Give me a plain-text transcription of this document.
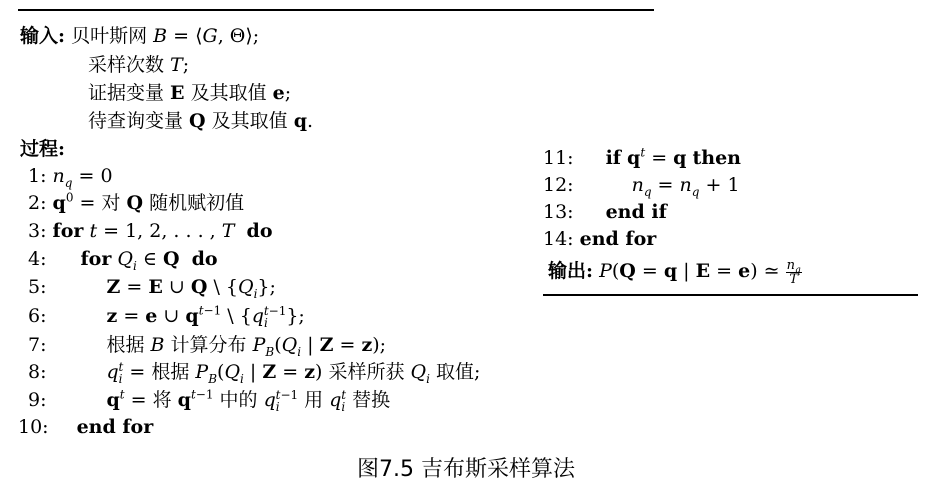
输入: 贝叶斯网 B = ⟨G, Θ⟩;
采样次数 T;
证据变量 E 及其取值 e;
待查询变量 Q 及其取值 q.
过程:
1: $n_q = 0$
2: $q^0$ = 对 Q 随机赋初值
3: for t = 1, 2, . . . , T do
4: for $Q_i$ ∈ Q do
5:	Z = E ∪ Q \ $\{Q_i\}$;
6:	z = e ∪ $q^{t-1}$ \ $\{q_i^{t-1}\}$;
7:	根据 B 计算分布 $P_B(Q_i$ | Z = z);
8:	$q_i^t$ = 根据 $P_B(Q_i$ | Z = z) 采样所获 $Q_i$ 取值;
9:	$q^t$ = 将 $q^{t-1}$ 中的 $q_i^{t-1}$ 用 $q_i^t$ 替换
10: end for
11: if $q^t = q$ then
12:	$n_q = n_q + 1$
13: end if
14: end for
输出: P(Q = q | E = e) ≃ $\frac{n_q}{T}$
图7.5 吉布斯采样算法
